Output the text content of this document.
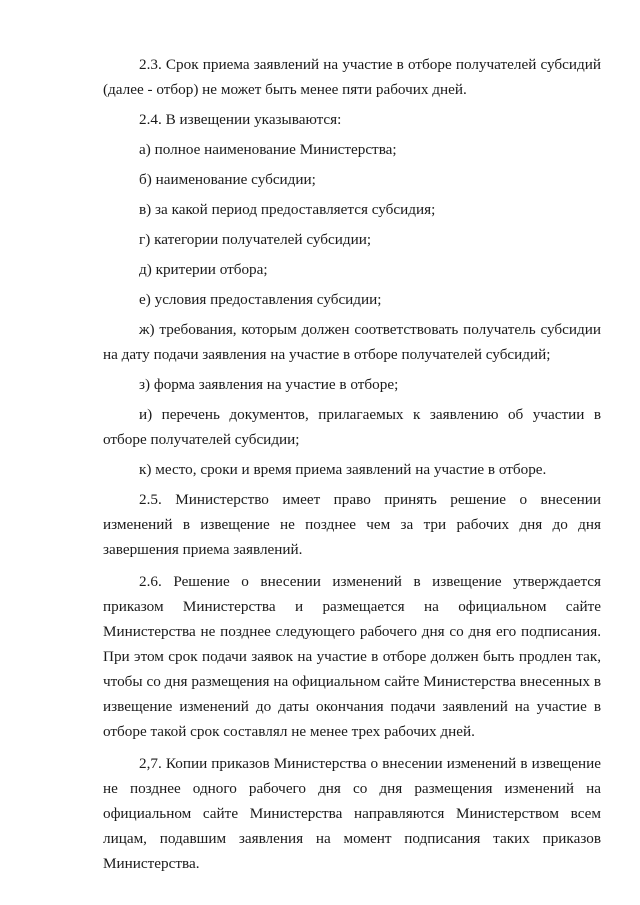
2.3. Срок приема заявлений на участие в отборе получателей субсидий (далее - отбор) не может быть менее пяти рабочих дней.

2.4. В извещении указываются:

а) полное наименование Министерства;

б) наименование субсидии;

в) за какой период предоставляется субсидия;

г) категории получателей субсидии;

д) критерии отбора;

е) условия предоставления субсидии;

ж) требования, которым должен соответствовать получатель субсидии на дату подачи заявления на участие в отборе получателей субсидий;

з) форма заявления на участие в отборе;

и) перечень документов, прилагаемых к заявлению об участии в отборе получателей субсидии;

к) место, сроки и время приема заявлений на участие в отборе.

2.5. Министерство имеет право принять решение о внесении изменений в извещение не позднее чем за три рабочих дня до дня завершения приема заявлений.

2.6. Решение о внесении изменений в извещение утверждается приказом Министерства и размещается на официальном сайте Министерства не позднее следующего рабочего дня со дня его подписания. При этом срок подачи заявок на участие в отборе должен быть продлен так, чтобы со дня размещения на официальном сайте Министерства внесенных в извещение изменений до даты окончания подачи заявлений на участие в отборе такой срок составлял не менее трех рабочих дней.

2,7. Копии приказов Министерства о внесении изменений в извещение не позднее одного рабочего дня со дня размещения изменений на официальном сайте Министерства направляются Министерством всем лицам, подавшим заявления на момент подписания таких приказов Министерства.
